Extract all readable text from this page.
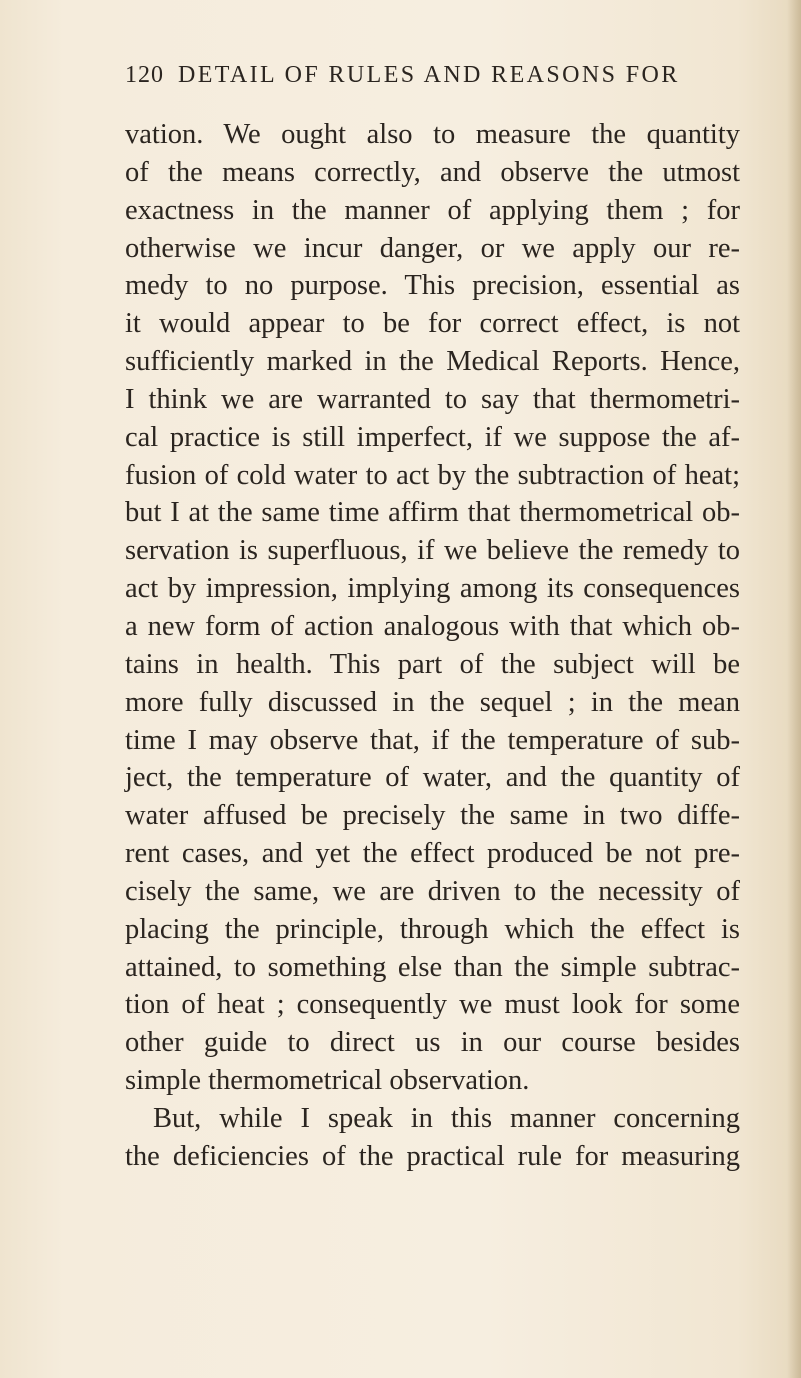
120 DETAIL OF RULES AND REASONS FOR
vation. We ought also to measure the quantity
of the means correctly, and observe the utmost
exactness in the manner of applying them ; for
otherwise we incur danger, or we apply our re-
medy to no purpose. This precision, essential as
it would appear to be for correct effect, is not
sufficiently marked in the Medical Reports. Hence,
I think we are warranted to say that thermometri-
cal practice is still imperfect, if we suppose the af-
fusion of cold water to act by the subtraction of heat;
but I at the same time affirm that thermometrical ob-
servation is superfluous, if we believe the remedy to
act by impression, implying among its consequences
a new form of action analogous with that which ob-
tains in health. This part of the subject will be
more fully discussed in the sequel ; in the mean
time I may observe that, if the temperature of sub-
ject, the temperature of water, and the quantity of
water affused be precisely the same in two diffe-
rent cases, and yet the effect produced be not pre-
cisely the same, we are driven to the necessity of
placing the principle, through which the effect is
attained, to something else than the simple subtrac-
tion of heat ; consequently we must look for some
other guide to direct us in our course besides
simple thermometrical observation.
But, while I speak in this manner concerning
the deficiencies of the practical rule for measuring
